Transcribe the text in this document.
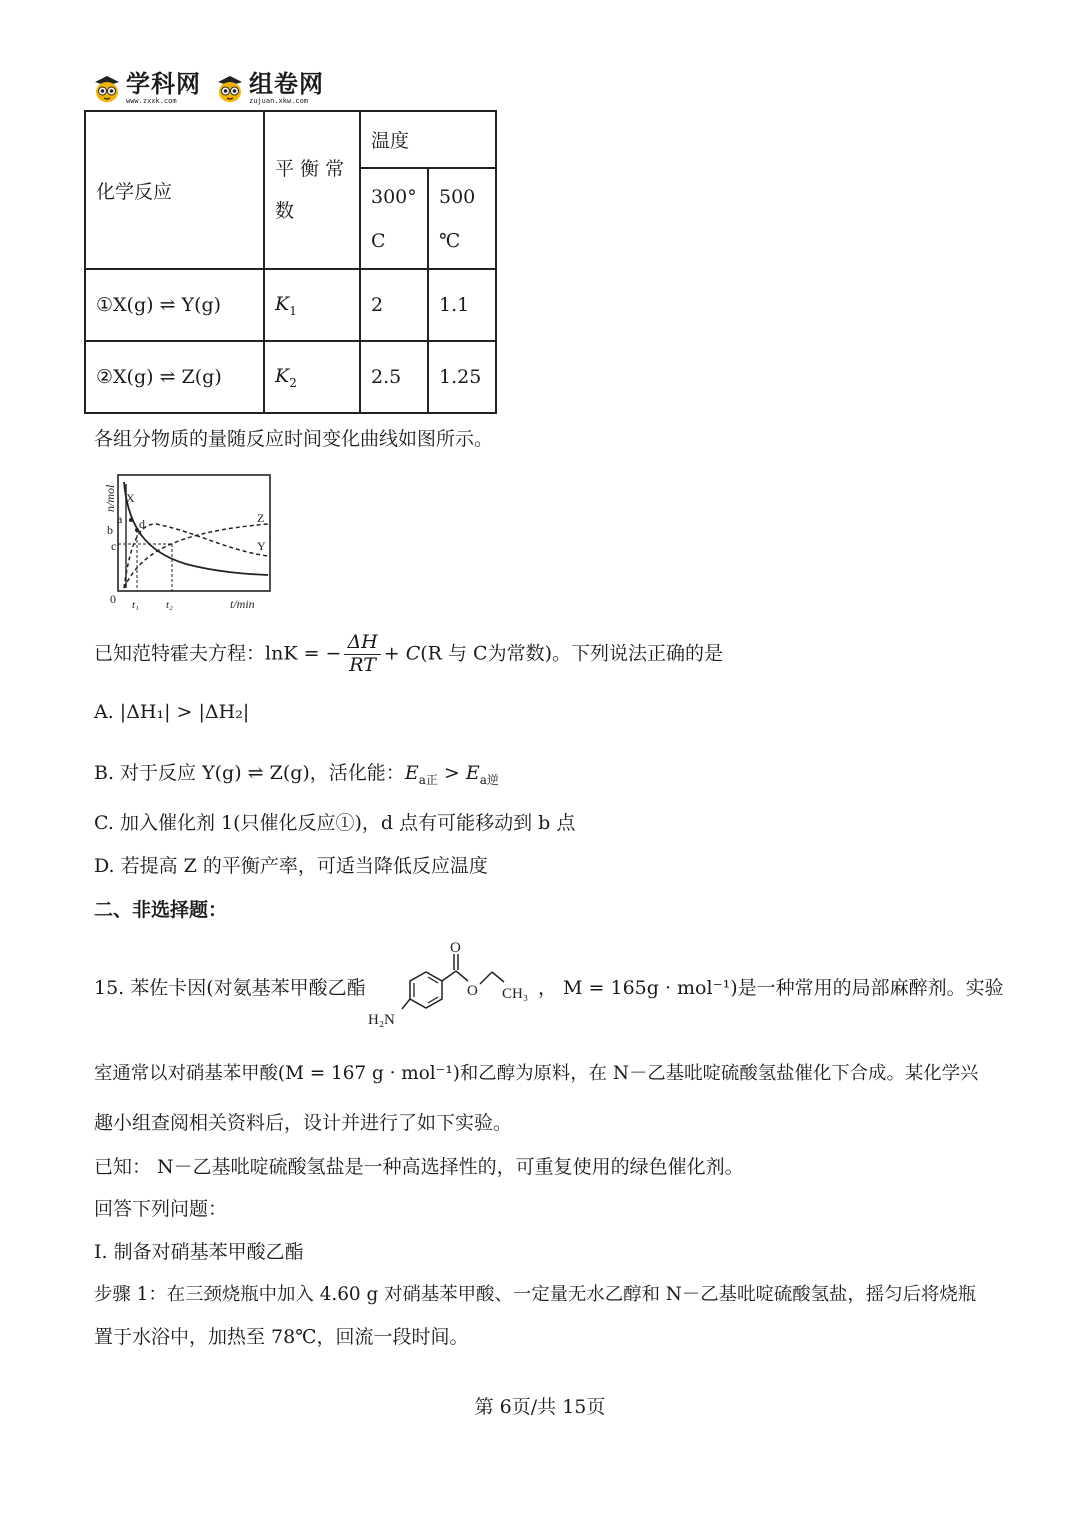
学科网
www.zxxk.com
组卷网
zujuan.xkw.com
化学反应	平 衡 常 数	温度	
		300°C	500 ℃
①X(g) ⇌ Y(g)	$K_1$	2	1.1
②X(g) ⇌ Z(g)	$K_2$	2.5	1.25
各组分物质的量随反应时间变化曲线如图所示。
n/mol X
a
b
c
d	Z
Y
0 t₁ t₂	t/min
已知范特霍夫方程：lnK = − $\frac{\Delta H}{RT} + C(R$ 与 C为常数)。下列说法正确的是
A. |ΔH₁| > |ΔH₂|
B. 对于反应 Y(g) ⇌ Z(g)，活化能：$E_{a正} > E_{a逆}$
C. 加入催化剂 1(只催化反应①)，d 点有可能移动到 b 点
D. 若提高 Z 的平衡产率，可适当降低反应温度
二、非选择题：
15. 苯佐卡因(对氨基苯甲酸乙酯
O
O CH₃
H₂N
， M = 165g · mol⁻¹)是一种常用的局部麻醉剂。实验
室通常以对硝基苯甲酸(M = 167 g · mol⁻¹)和乙醇为原料，在 N－乙基吡啶硫酸氢盐催化下合成。某化学兴
趣小组查阅相关资料后，设计并进行了如下实验。
已知： N－乙基吡啶硫酸氢盐是一种高选择性的，可重复使用的绿色催化剂。
回答下列问题：
I. 制备对硝基苯甲酸乙酯
步骤 1：在三颈烧瓶中加入 4.60 g 对硝基苯甲酸、一定量无水乙醇和 N－乙基吡啶硫酸氢盐，摇匀后将烧瓶
置于水浴中，加热至 78℃，回流一段时间。
第 6页/共 15页
